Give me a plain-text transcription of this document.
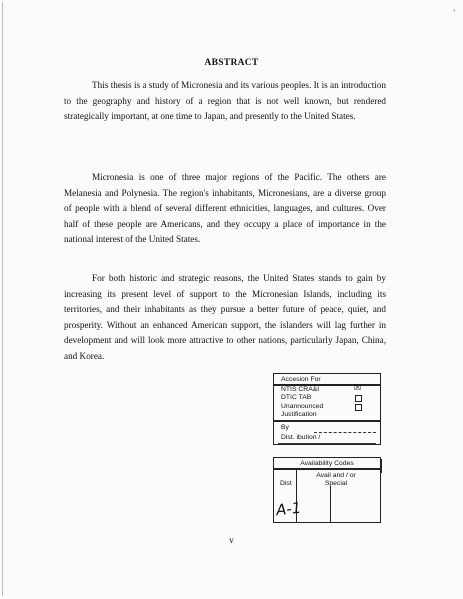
'
ABSTRACT

This thesis is a study of Micronesia and its various peoples. It is an introduction to the geography and history of a region that is not well known, but rendered strategically important, at one time to Japan, and presently to the United States.

Micronesia is one of three major regions of the Pacific. The others are Melanesia and Polynesia. The region's inhabitants, Micronesians, are a diverse group of people with a blend of several different ethnicities, languages, and cultures. Over half of these people are Americans, and they occupy a place of importance in the national interest of the United States.

For both historic and strategic reasons, the United States stands to gain by increasing its present level of support to the Micronesian Islands, including its territories, and their inhabitants as they pursue a better future of peace, quiet, and prosperity. Without an enhanced American support, the islanders will lag further in development and will look more attractive to other nations, particularly Japan, China, and Korea.

Accesion For
NTIS CRA&I	☒
DTIC TAB
Unannounced
Justification
By
Dist. ibution /
Availability Codes
Dist
Avail and / or
Special
A-1
v
